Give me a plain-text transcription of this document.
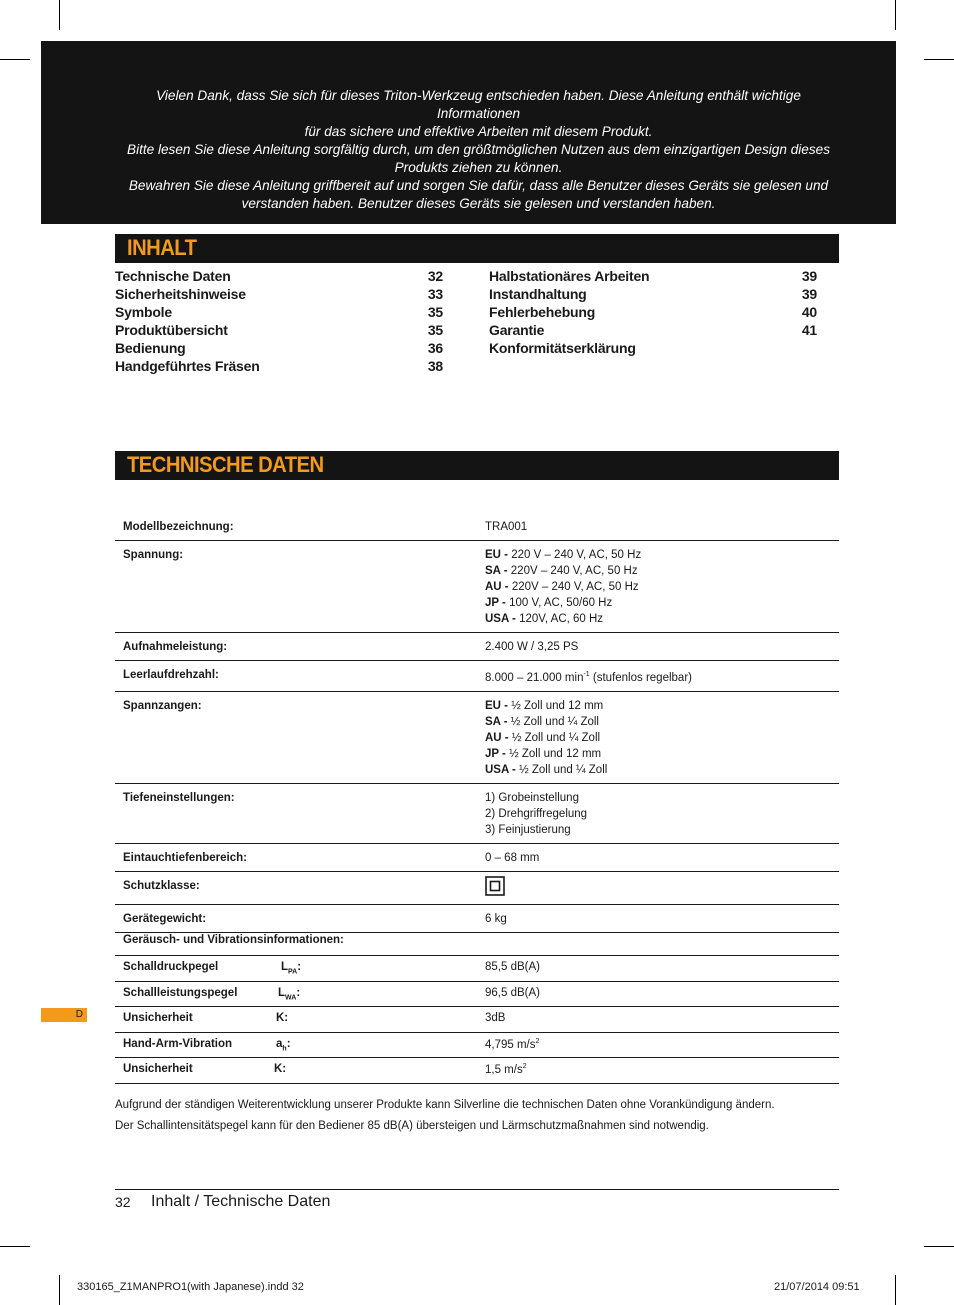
Vielen Dank, dass Sie sich für dieses Triton-Werkzeug entschieden haben. Diese Anleitung enthält wichtige Informationen

für das sichere und effektive Arbeiten mit diesem Produkt.

Bitte lesen Sie diese Anleitung sorgfältig durch, um den größtmöglichen Nutzen aus dem einzigartigen Design dieses

Produkts ziehen zu können.

Bewahren Sie diese Anleitung griffbereit auf und sorgen Sie dafür, dass alle Benutzer dieses Geräts sie gelesen und

verstanden haben. Benutzer dieses Geräts sie gelesen und verstanden haben.

INHALT
Technische Daten	32
Sicherheitshinweise	33
Symbole	35
Produktübersicht	35
Bedienung	36
Handgeführtes Fräsen	38
Halbstationäres Arbeiten	39
Instandhaltung	39
Fehlerbehebung	40
Garantie	41
Konformitätserklärung
TECHNISCHE DATEN
Modellbezeichnung:	TRA001
Spannung:	EU - 220 V – 240 V, AC, 50 Hz
SA - 220V – 240 V, AC, 50 Hz
AU - 220V – 240 V, AC, 50 Hz
JP - 100 V, AC, 50/60 Hz
USA - 120V, AC, 60 Hz
Aufnahmeleistung:	2.400 W / 3,25 PS
Leerlaufdrehzahl:	8.000 – 21.000 $\min^{-1}$ (stufenlos regelbar)
Spannzangen:	EU - ½ Zoll und 12 mm
SA - ½ Zoll und ¼ Zoll
AU - ½ Zoll und ¼ Zoll
JP - ½ Zoll und 12 mm
USA - ½ Zoll und ¼ Zoll
Tiefeneinstellungen:	1) Grobeinstellung
2) Drehgriffregelung
3) Feinjustierung
Eintauchtiefenbereich:	0 – 68 mm
Schutzklasse:
Gerätegewicht:	6 kg
Geräusch- und Vibrationsinformationen:
Schalldruckpegel	$L_{PA}$:	85,5 dB(A)
Schallleistungspegel	$L_{WA}$:	96,5 dB(A)
Unsicherheit	K:	3dB
Hand-Arm-Vibration	$a_h$:	4,795 $m/s^2$
Unsicherheit	K:	1,5 $m/s^2$
Aufgrund der ständigen Weiterentwicklung unserer Produkte kann Silverline die technischen Daten ohne Vorankündigung ändern.
Der Schallintensitätspegel kann für den Bediener 85 dB(A) übersteigen und Lärmschutzmaßnahmen sind notwendig.
D
32 Inhalt / Technische Daten
330165_Z1MANPRO1(with Japanese).indd 32	21/07/2014 09:51
